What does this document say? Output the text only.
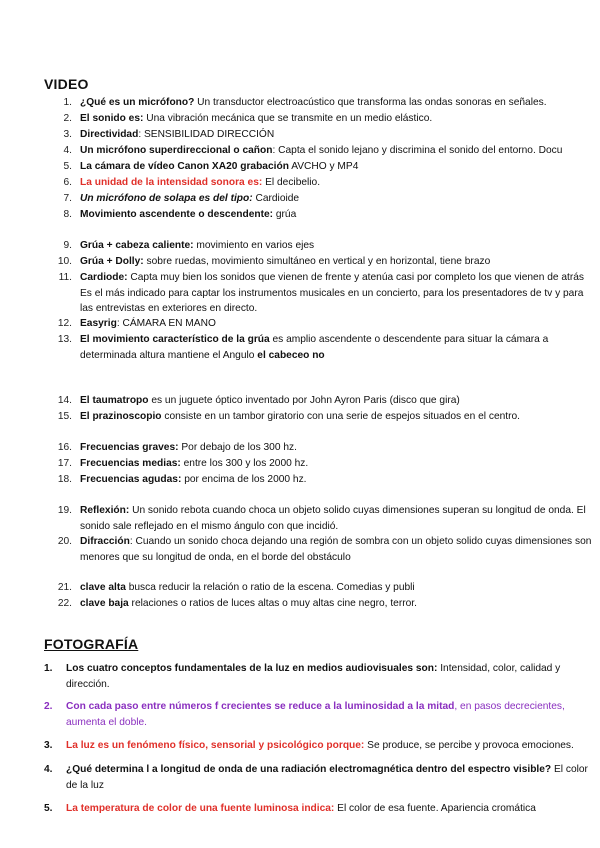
VIDEO
1. ¿Qué es un micrófono? Un transductor electroacústico que transforma las ondas sonoras en señales.
2. El sonido es: Una vibración mecánica que se transmite en un medio elástico.
3. Directividad: SENSIBILIDAD DIRECCIÓN
4. Un micrófono superdireccional o cañon: Capta el sonido lejano y discrimina el sonido del entorno. Docu
5. La cámara de vídeo Canon XA20 grabación AVCHO y MP4
6. La unidad de la intensidad sonora es: El decibelio.
7. Un micrófono de solapa es del tipo: Cardioide
8. Movimiento ascendente o descendente: grúa
9. Grúa + cabeza caliente: movimiento en varios ejes
10. Grúa + Dolly: sobre ruedas, movimiento simultáneo en vertical y en horizontal, tiene brazo
11. Cardiode: Capta muy bien los sonidos que vienen de frente y atenúa casi por completo los que vienen de atrás Es el más indicado para captar los instrumentos musicales en un concierto, para los presentadores de tv y para las entrevistas en exteriores en directo.
12. Easyrig: CÁMARA EN MANO
13. El movimiento característico de la grúa es amplio ascendente o descendente para situar la cámara a determinada altura mantiene el Angulo el cabeceo no
14. El taumatropo es un juguete óptico inventado por John Ayron Paris (disco que gira)
15. El prazinoscopio consiste en un tambor giratorio con una serie de espejos situados en el centro.
16. Frecuencias graves: Por debajo de los 300 hz.
17. Frecuencias medias: entre los 300 y los 2000 hz.
18. Frecuencias agudas: por encima de los 2000 hz.
19. Reflexión: Un sonido rebota cuando choca un objeto solido cuyas dimensiones superan su longitud de onda. El sonido sale reflejado en el mismo ángulo con que incidió.
20. Difracción: Cuando un sonido choca dejando una región de sombra con un objeto solido cuyas dimensiones son menores que su longitud de onda, en el borde del obstáculo
21. clave alta busca reducir la relación o ratio de la escena. Comedias y publi
22. clave baja relaciones o ratios de luces altas o muy altas cine negro, terror.
FOTOGRAFÍA
1.	Los cuatro conceptos fundamentales de la luz en medios audiovisuales son: Intensidad, color, calidad y dirección.
2.	Con cada paso entre números f crecientes se reduce a la luminosidad a la mitad, en pasos decrecientes, aumenta el doble.
3.	La luz es un fenómeno físico, sensorial y psicológico porque: Se produce, se percibe y provoca emociones.
4.	¿Qué determina l a longitud de onda de una radiación electromagnética dentro del espectro visible? El color de la luz
5.	La temperatura de color de una fuente luminosa indica: El color de esa fuente. Apariencia cromática
